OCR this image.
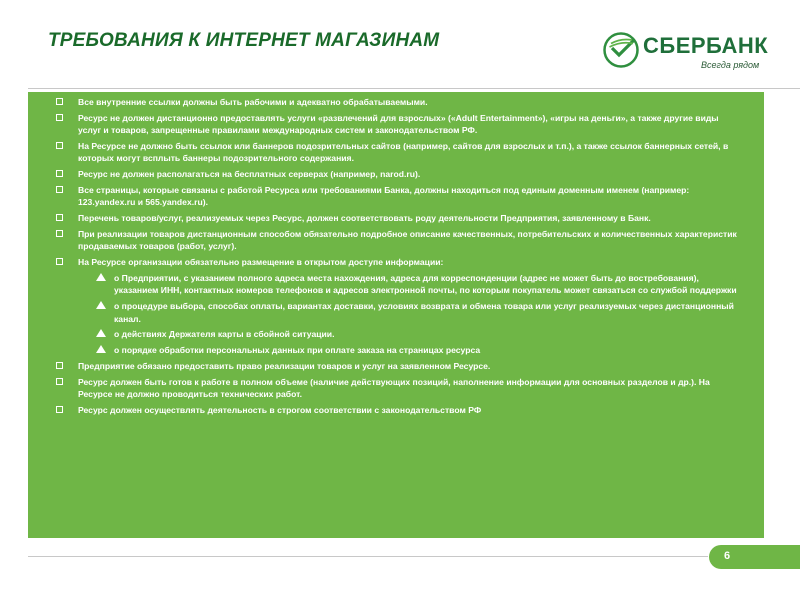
ТРЕБОВАНИЯ К ИНТЕРНЕТ МАГАЗИНАМ	СБЕРБАНК
Всегда рядом
Все внутренние ссылки должны быть рабочими и адекватно обрабатываемыми.
Ресурс не должен дистанционно предоставлять услуги «развлечений для взрослых» («Adult Entertainment»), «игры на деньги», а также другие виды услуг и товаров, запрещенные правилами международных систем и законодательством РФ.
На Ресурсе не должно быть ссылок или баннеров подозрительных сайтов (например, сайтов для взрослых и т.п.), а также ссылок баннерных сетей, в которых могут всплыть баннеры подозрительного содержания.
Ресурс не должен располагаться на бесплатных серверах (например, narod.ru).
Все страницы, которые связаны с работой Ресурса или требованиями Банка, должны находиться под единым доменным именем (например: 123.yandex.ru и 565.yandex.ru).
Перечень товаров/услуг, реализуемых через Ресурс, должен соответствовать роду деятельности Предприятия, заявленному в Банк.
При реализации товаров дистанционным способом обязательно подробное описание качественных, потребительских и количественных характеристик продаваемых товаров (работ, услуг).
На Ресурсе организации обязательно размещение в открытом доступе информации:
о Предприятии, с указанием полного адреса места нахождения, адреса для корреспонденции (адрес не может быть до востребования), указанием ИНН, контактных номеров телефонов и адресов электронной почты, по которым покупатель может связаться со службой поддержки
о процедуре выбора, способах оплаты, вариантах доставки, условиях возврата и обмена товара или услуг реализуемых через дистанционный канал.
о действиях Держателя карты в сбойной ситуации.
о порядке обработки персональных данных при оплате заказа на страницах ресурса
Предприятие обязано предоставить право реализации товаров и услуг на заявленном Ресурсе.
Ресурс должен быть готов к работе в полном объеме (наличие действующих позиций, наполнение информации для основных разделов и др.). На Ресурсе не должно проводиться технических работ.
Ресурс должен осуществлять деятельность в строгом соответствии с законодательством РФ
6
